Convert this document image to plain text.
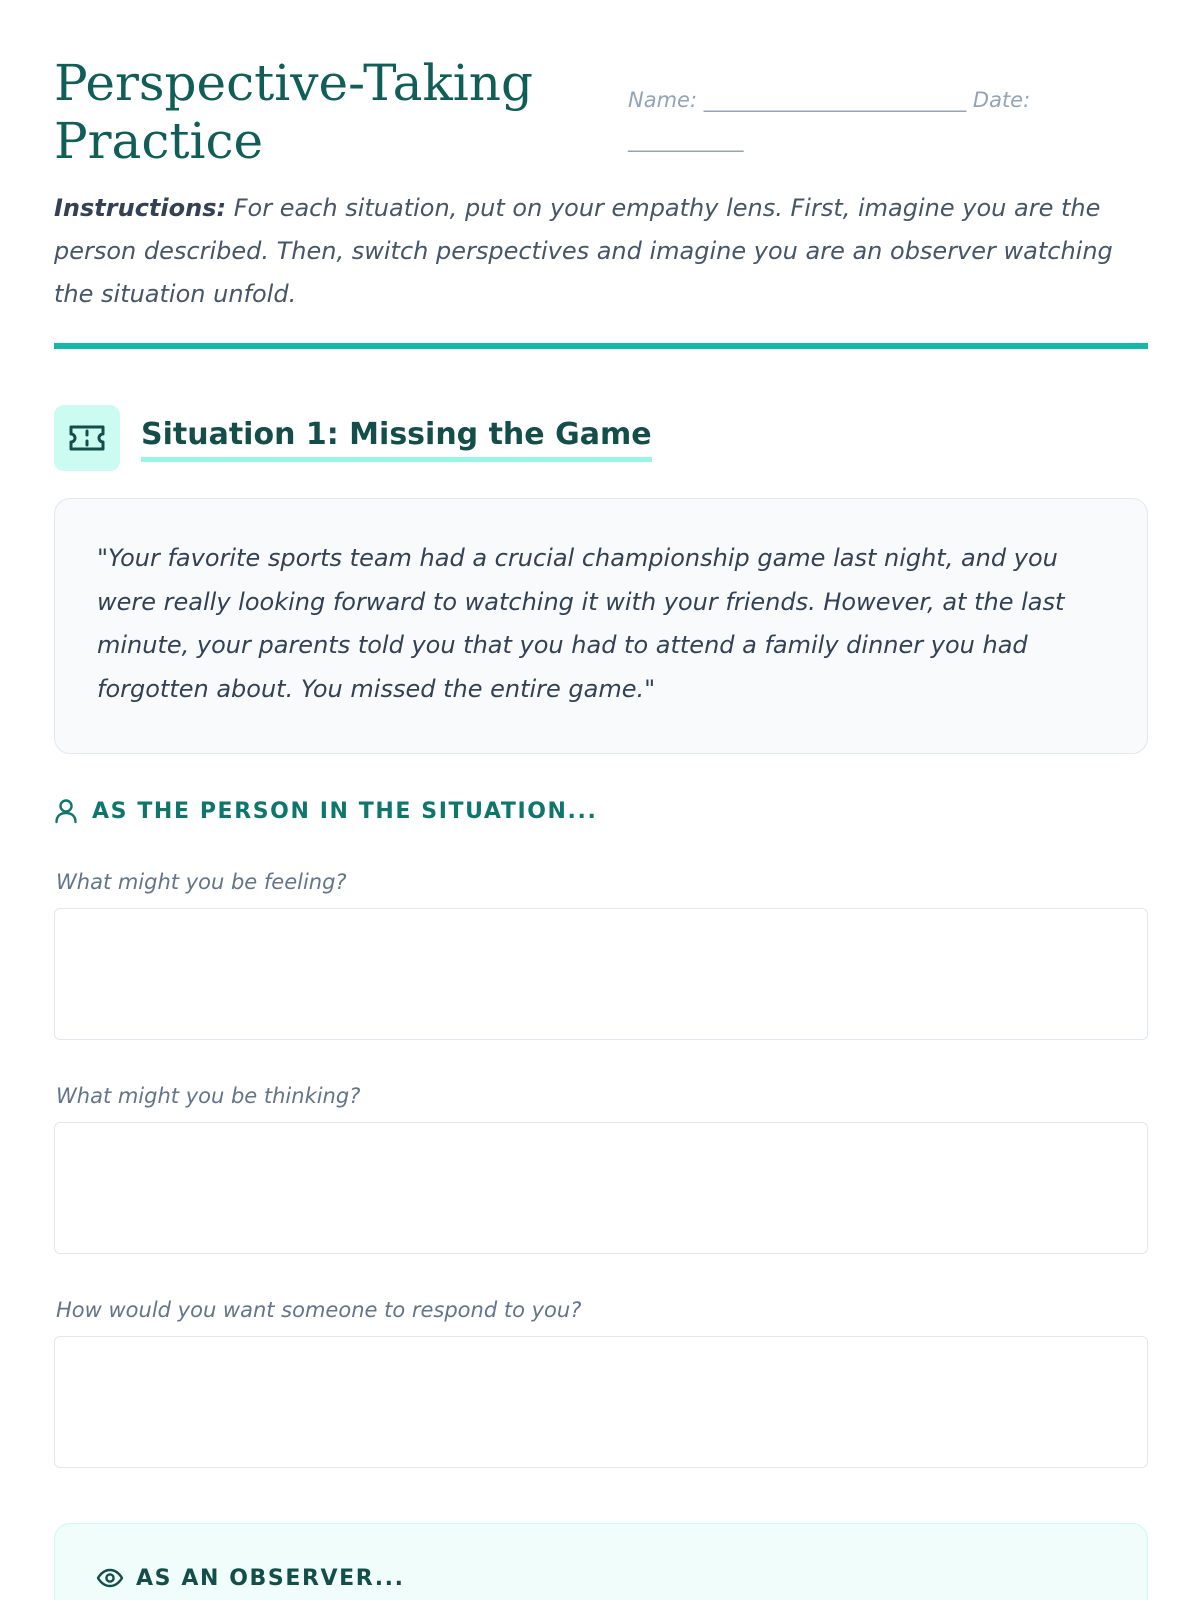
Perspective-Taking
Practice
Name: _________________________ Date: ___________

Instructions: For each situation, put on your empathy lens. First, imagine you are the person described. Then, switch perspectives and imagine you are an observer watching the situation unfold.

Situation 1: Missing the Game

"Your favorite sports team had a crucial championship game last night, and you were really looking forward to watching it with your friends. However, at the last minute, your parents told you that you had to attend a family dinner you had forgotten about. You missed the entire game."

AS THE PERSON IN THE SITUATION...
What might you be feeling?
What might you be thinking?
How would you want someone to respond to you?
AS AN OBSERVER...
